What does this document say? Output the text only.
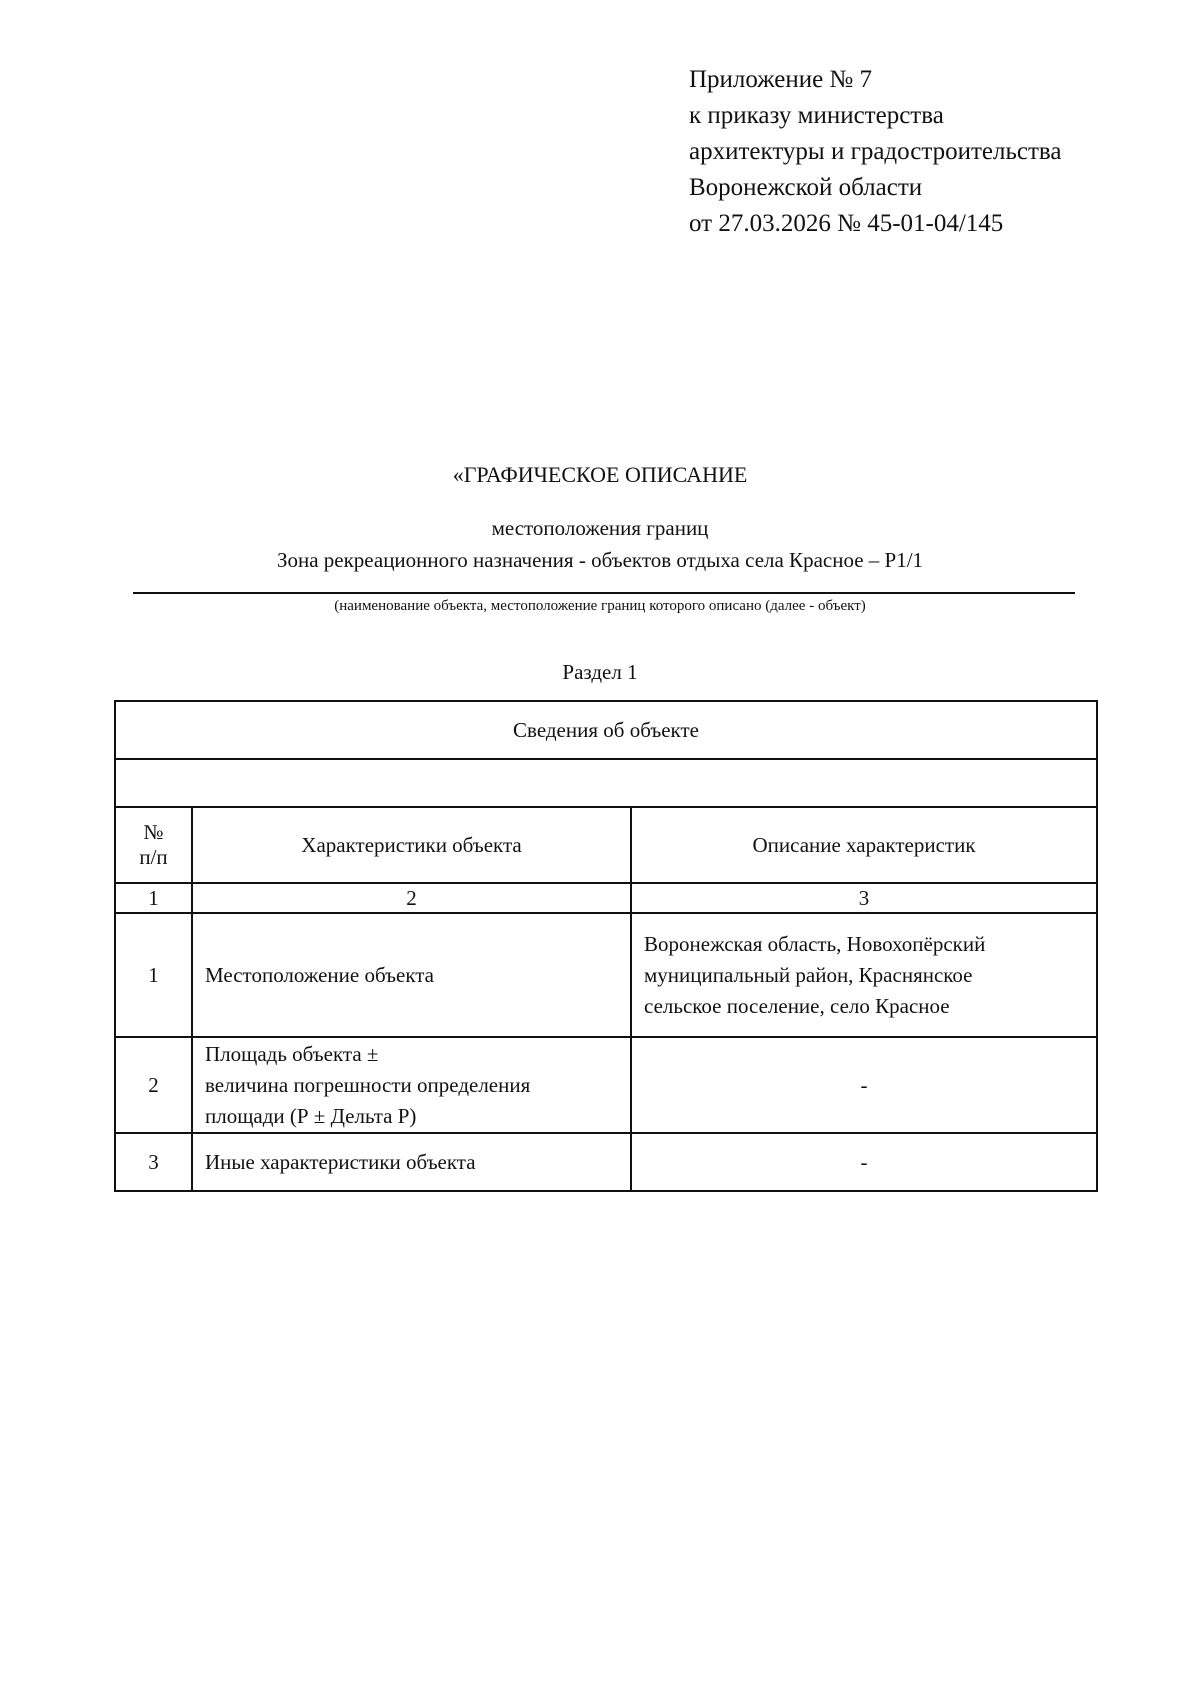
Приложение № 7
к приказу министерства
архитектуры и градостроительства
Воронежской области
от 27.03.2026 № 45-01-04/145
«ГРАФИЧЕСКОЕ ОПИСАНИЕ
местоположения границ
Зона рекреационного назначения - объектов отдыха села Красное – Р1/1
(наименование объекта, местоположение границ которого описано (далее - объект)
Раздел 1
Сведения об объекте		

№
п/п	Характеристики объекта	Описание характеристик
1	2	3
1	Местоположение объекта	Воронежская область, Новохопёрский
муниципальный район, Краснянское
сельское поселение, село Красное

2	Площадь объекта ±
величина погрешности определения
площади (Р ± Дельта Р)	-
3	Иные характеристики объекта	-
